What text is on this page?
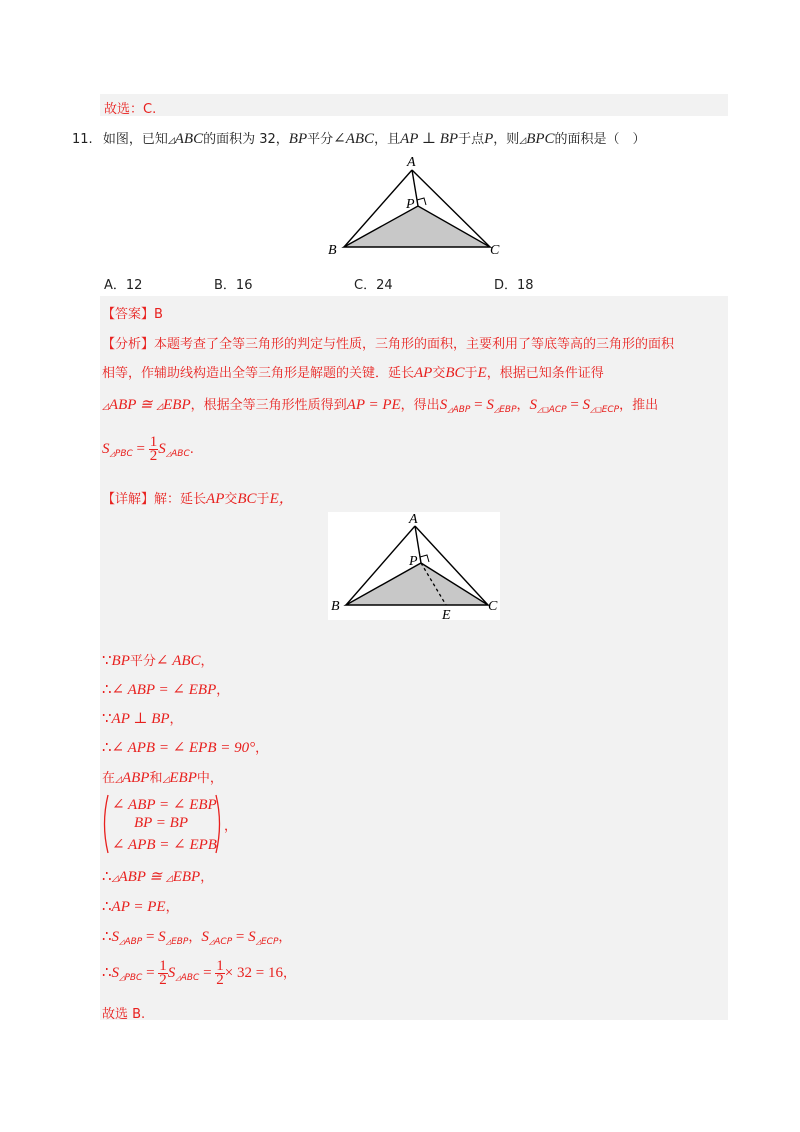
故选：C.
11. 如图，已知◿ABC的面积为 32，BP平分∠ABC，且AP ⊥ BP于点P，则◿BPC的面积是（　）
A
P
B	C
A．12	B．16	C．24	D．18
【答案】B
【分析】本题考查了全等三角形的判定与性质，三角形的面积，主要利用了等底等高的三角形的面积
相等，作辅助线构造出全等三角形是解题的关键．延长AP交BC于E，根据已知条件证得
◿ABP ≅ ◿EBP，根据全等三角形性质得到AP = PE，得出$S_{◿ABP} = S_{◿EBP}$，$S_{◿❑ACP} = S_{◿❑ECP}$，推出
$S_{◿PBC} = \frac{1}{2} S_{◿ABC}$.
【详解】解：延长AP交BC于E，
A
P
B	C
E
∵BP平分∠ ABC，
∴∠ ABP = ∠ EBP，
∵AP ⊥ BP，
∴∠ APB = ∠ EPB = 90°，
在◿ABP和◿EBP中，
∠ ABP = ∠ EBP
BP = BP
∠ APB = ∠ EPB
，
∴◿ABP ≅ ◿EBP，
∴AP = PE，
$\therefore S_{◿ABP} = S_{◿EBP}$，$S_{◿ACP} = S_{◿ECP}$，
$\therefore S_{◿PBC} = \frac{1}{2} S_{◿ABC} = \frac{1}{2} \times 32 = 16$，
故选 B.
